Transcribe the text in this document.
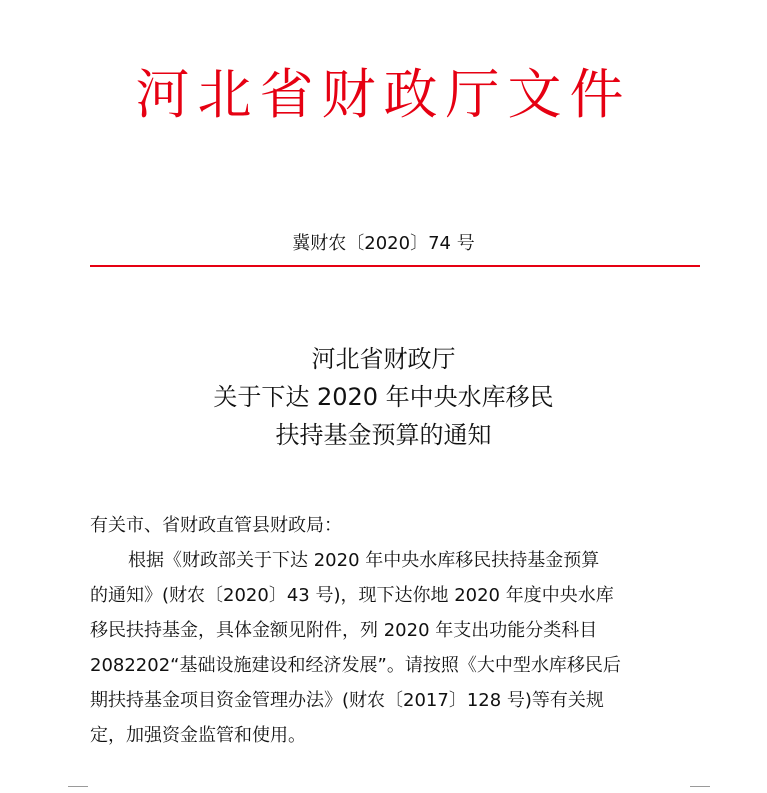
河北省财政厅文件
冀财农〔2020〕74 号
河北省财政厅
关于下达 2020 年中央水库移民
扶持基金预算的通知

有关市、省财政直管县财政局：

根据《财政部关于下达 2020 年中央水库移民扶持基金预算

的通知》(财农〔2020〕43 号)，现下达你地 2020 年度中央水库

移民扶持基金，具体金额见附件，列 2020 年支出功能分类科目

2082202“基础设施建设和经济发展”。请按照《大中型水库移民后

期扶持基金项目资金管理办法》(财农〔2017〕128 号)等有关规

定，加强资金监管和使用。
